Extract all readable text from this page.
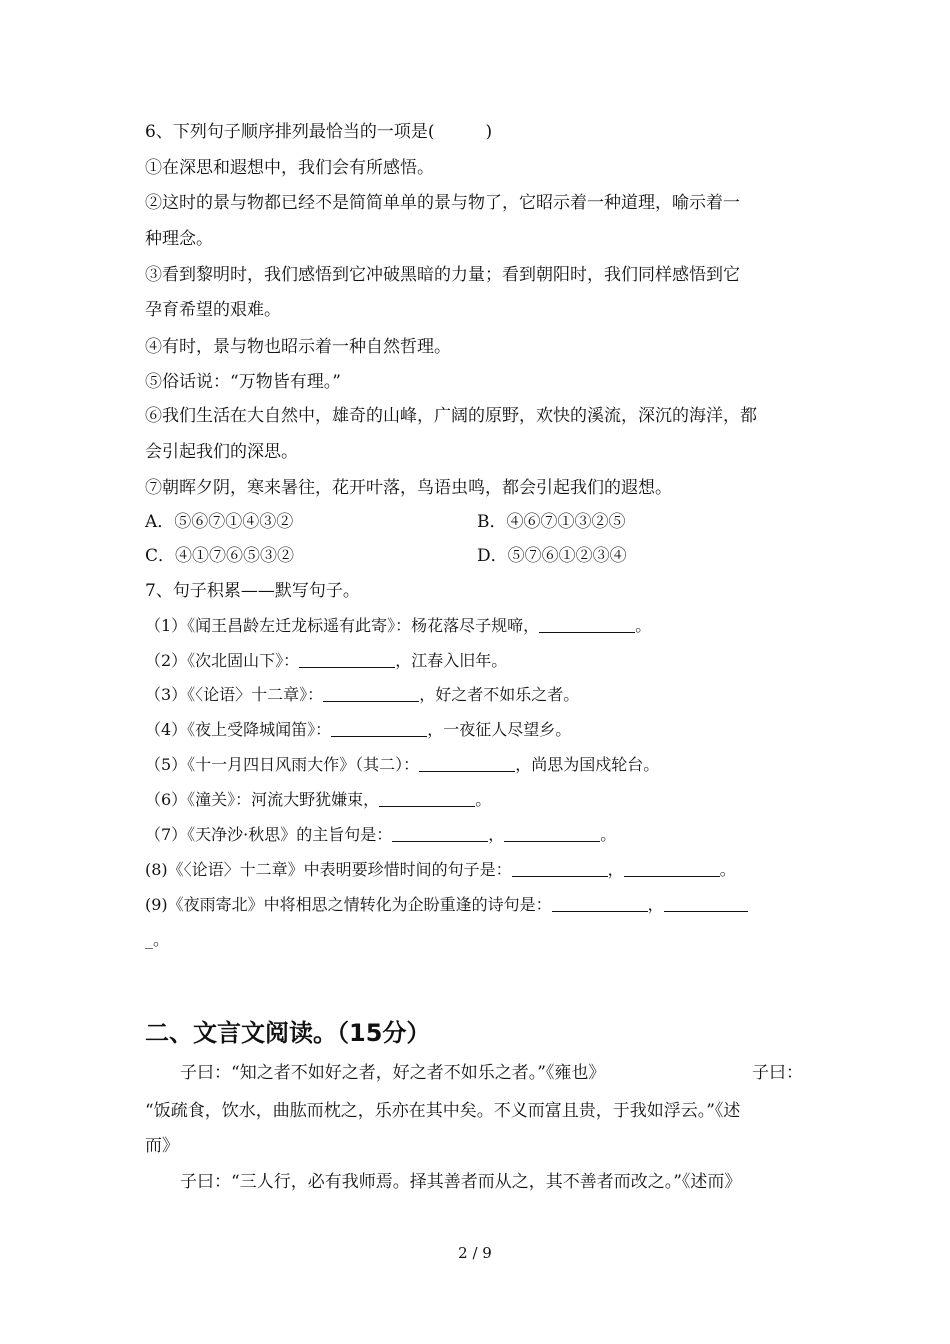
6、下列句子顺序排列最恰当的一项是(　　　)
①在深思和遐想中，我们会有所感悟。
②这时的景与物都已经不是简简单单的景与物了，它昭示着一种道理，喻示着一
种理念。
③看到黎明时，我们感悟到它冲破黑暗的力量；看到朝阳时，我们同样感悟到它
孕育希望的艰难。
④有时，景与物也昭示着一种自然哲理。
⑤俗话说：“万物皆有理。”
⑥我们生活在大自然中，雄奇的山峰，广阔的原野，欢快的溪流，深沉的海洋，都
会引起我们的深思。
⑦朝晖夕阴，寒来暑往，花开叶落，鸟语虫鸣，都会引起我们的遐想。
A．⑤⑥⑦①④③②	B．④⑥⑦①③②⑤
C．④①⑦⑥⑤③②	D．⑤⑦⑥①②③④
7、句子积累——默写句子。
（1）《闻王昌龄左迁龙标遥有此寄》：杨花落尽子规啼，	。
（2）《次北固山下》：	，江春入旧年。
（3）《〈论语〉十二章》：	，好之者不如乐之者。
（4）《夜上受降城闻笛》：	，一夜征人尽望乡。
（5）《十一月四日风雨大作》（其二）：	，尚思为国戍轮台。
（6）《潼关》：河流大野犹嫌束，	。
（7）《天净沙·秋思》的主旨句是：	，	。
(8)《〈论语〉十二章》中表明要珍惜时间的句子是：	，	。
(9)《夜雨寄北》中将相思之情转化为企盼重逢的诗句是：	，
_。
二、文言文阅读。（15分）
子曰：“知之者不如好之者，好之者不如乐之者。”《雍也》	子曰：
“饭疏食，饮水，曲肱而枕之，乐亦在其中矣。不义而富且贵，于我如浮云。”《述
而》
子曰：“三人行，必有我师焉。择其善者而从之，其不善者而改之。”《述而》
2 / 9
